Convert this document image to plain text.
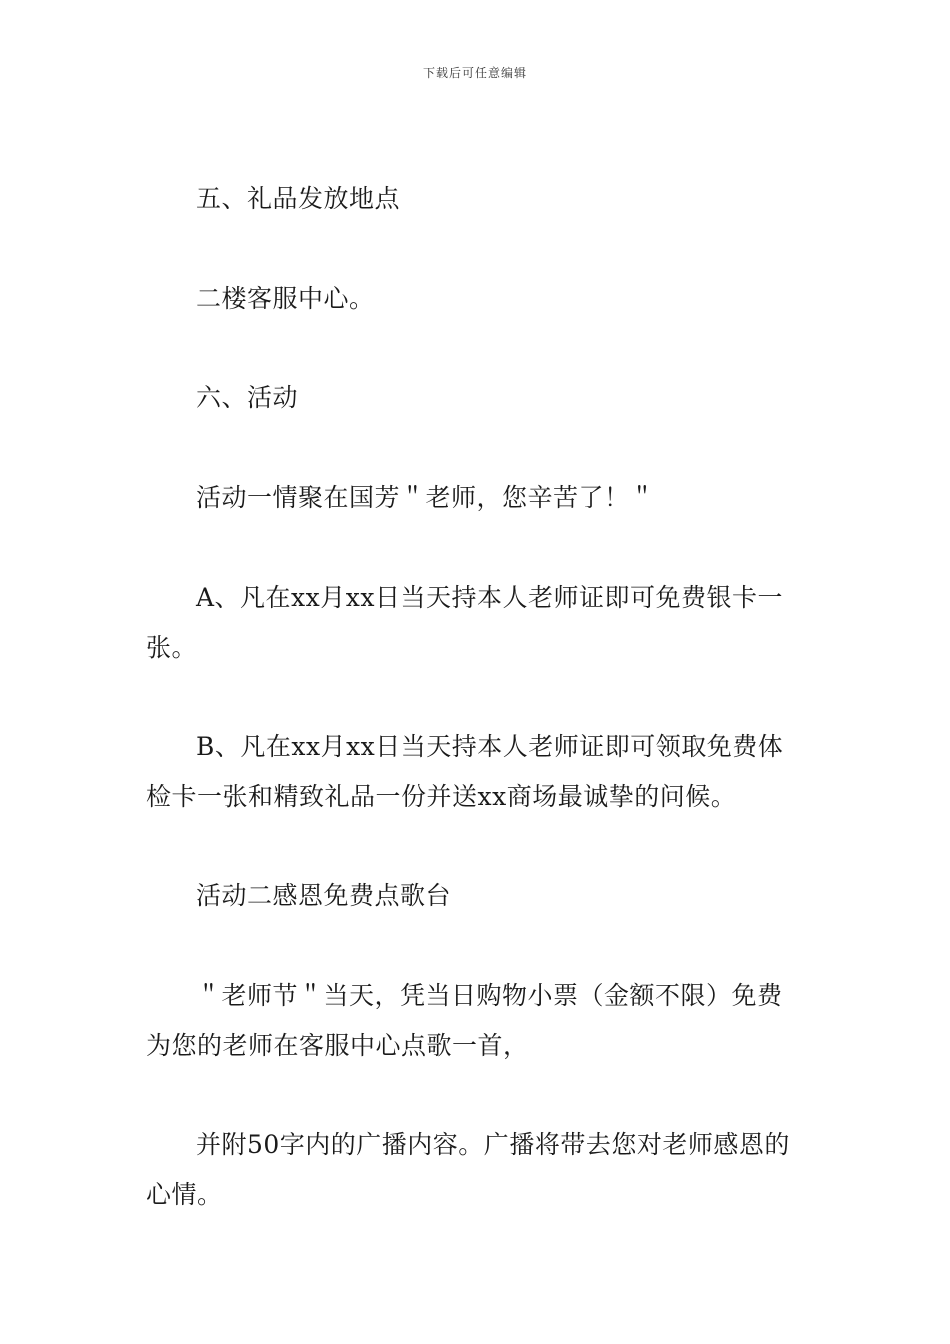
下载后可任意编辑
五、礼品发放地点
二楼客服中心。
六、活动
活动一情聚在国芳＂老师，您辛苦了！＂
A、凡在xx月xx日当天持本人老师证即可免费银卡一
张。
B、凡在xx月xx日当天持本人老师证即可领取免费体
检卡一张和精致礼品一份并送xx商场最诚挚的问候。
活动二感恩免费点歌台
＂老师节＂当天，凭当日购物小票（金额不限）免费
为您的老师在客服中心点歌一首，
并附50字内的广播内容。广播将带去您对老师感恩的
心情。
